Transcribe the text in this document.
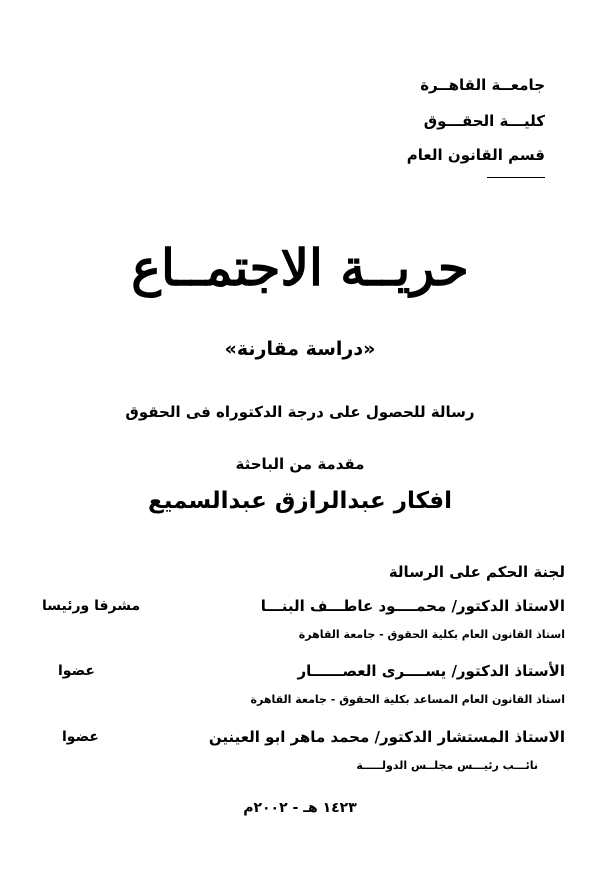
جامعــة القاهــرة
كليـــة الحقـــوق
قسم القانون العام
حريــة الاجتمــاع
«دراسة مقارنة»
رسالة للحصول على درجة الدكتوراه فى الحقوق
مقدمة من الباحثة
افكار عبدالرازق عبدالسميع
لجنة الحكم على الرسالة
الاستاذ الدكتور/ محمــــود عاطـــف البنـــا
مشرفا ورئيسا
استاذ القانون العام بكلية الحقوق - جامعة القاهرة
الأستاذ الدكتور/ يســــرى العصــــــار
عضوا
استاذ القانون العام المساعد بكلية الحقوق - جامعة القاهرة
الاستاذ المستشار الدكتور/ محمد ماهر ابو العينين
عضوا
نائـــب رئيـــس مجلــس الدولـــــة
١٤٢٣ هـ - ٢٠٠٢م
